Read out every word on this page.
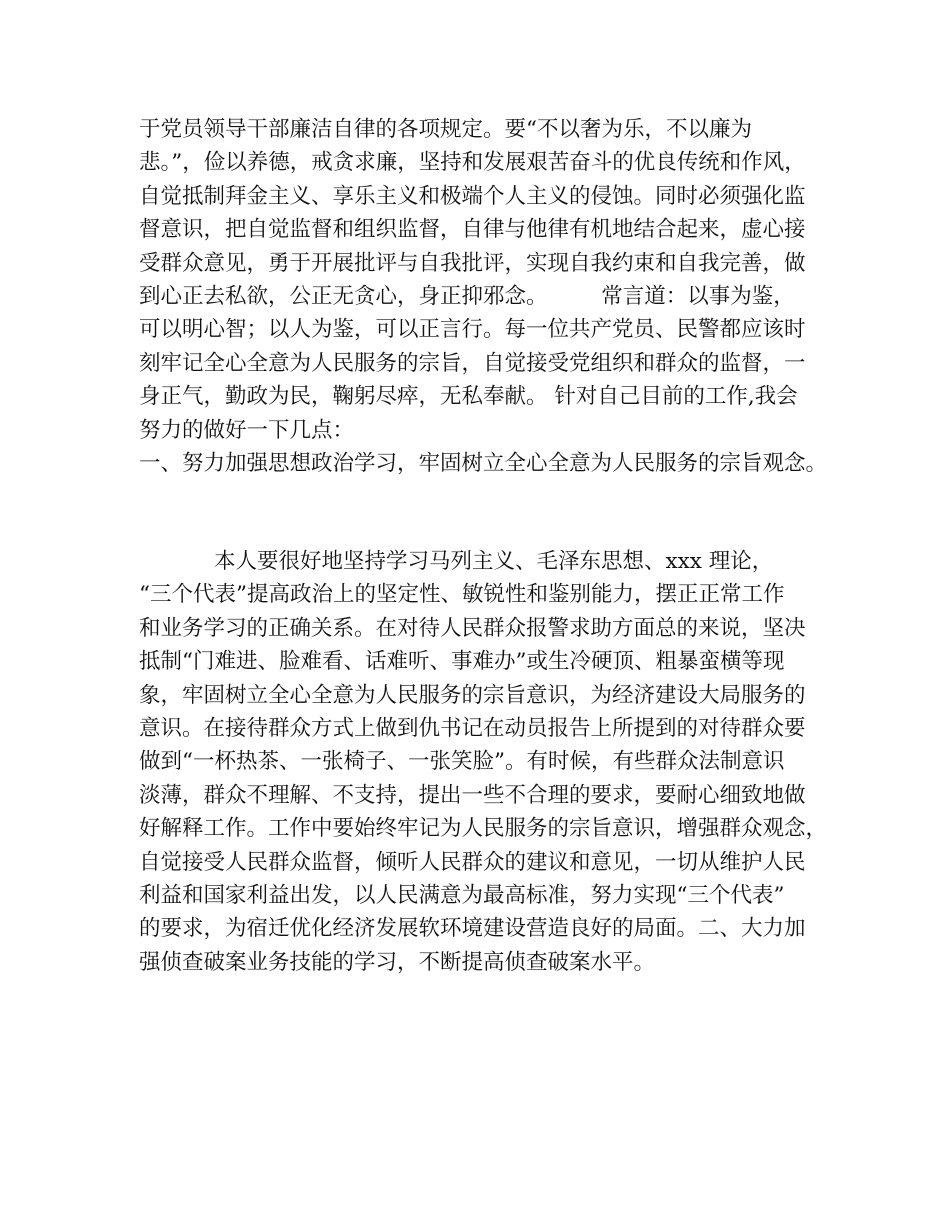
于党员领导干部廉洁自律的各项规定。要“不以奢为乐，不以廉为
悲。”，俭以养德，戒贪求廉，坚持和发展艰苦奋斗的优良传统和作风，
自觉抵制拜金主义、享乐主义和极端个人主义的侵蚀。同时必须强化监
督意识，把自觉监督和组织监督，自律与他律有机地结合起来，虚心接
受群众意见，勇于开展批评与自我批评，实现自我约束和自我完善，做
到心正去私欲，公正无贪心，身正抑邪念。　　　常言道：以事为鉴，
可以明心智；以人为鉴，可以正言行。每一位共产党员、民警都应该时
刻牢记全心全意为人民服务的宗旨，自觉接受党组织和群众的监督，一
身正气，勤政为民，鞠躬尽瘁，无私奉献。 针对自己目前的工作,我会
努力的做好一下几点：
一、努力加强思想政治学习，牢固树立全心全意为人民服务的宗旨观念。
本人要很好地坚持学习马列主义、毛泽东思想、xxx 理论，
“三个代表”提高政治上的坚定性、敏锐性和鉴别能力，摆正正常工作
和业务学习的正确关系。在对待人民群众报警求助方面总的来说，坚决
抵制“门难进、脸难看、话难听、事难办”或生冷硬顶、粗暴蛮横等现
象，牢固树立全心全意为人民服务的宗旨意识，为经济建设大局服务的
意识。在接待群众方式上做到仇书记在动员报告上所提到的对待群众要
做到“一杯热茶、一张椅子、一张笑脸”。有时候，有些群众法制意识
淡薄，群众不理解、不支持，提出一些不合理的要求，要耐心细致地做
好解释工作。工作中要始终牢记为人民服务的宗旨意识，增强群众观念，
自觉接受人民群众监督，倾听人民群众的建议和意见，一切从维护人民
利益和国家利益出发，以人民满意为最高标准，努力实现“三个代表”
的要求，为宿迁优化经济发展软环境建设营造良好的局面。二、大力加
强侦查破案业务技能的学习，不断提高侦查破案水平。
